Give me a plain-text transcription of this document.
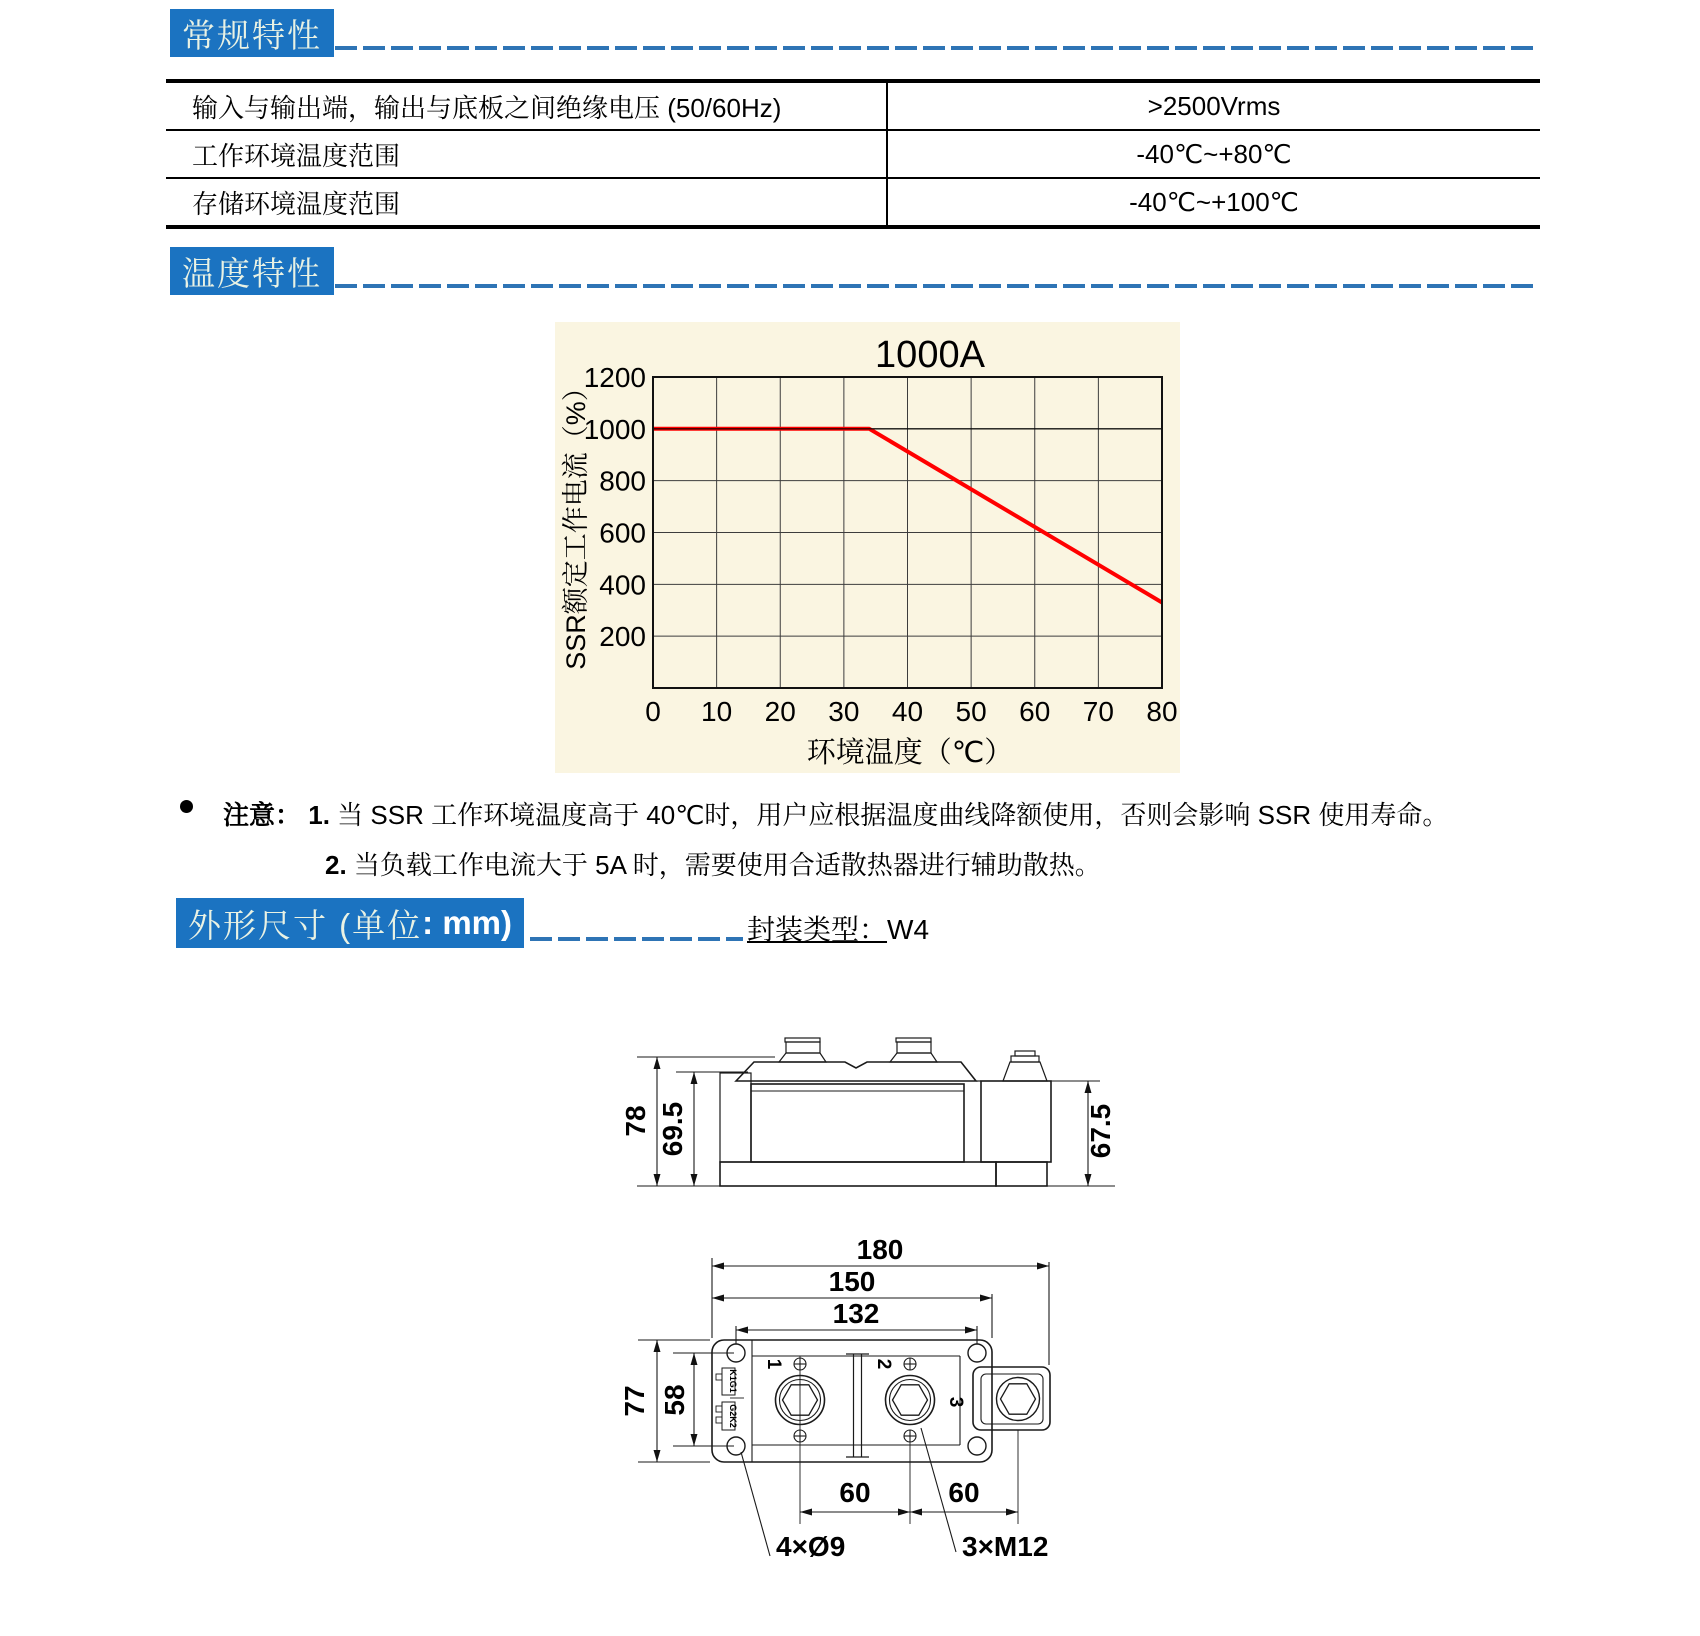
常规特性
输入与输出端，输出与底板之间绝缘电压 (50/60Hz)	>2500Vrms
工作环境温度范围	-40℃~+80℃
存储环境温度范围	-40℃~+100℃
温度特性
1000A
200
400
600
800
1000
1200
0 10 20 30 40 50 60 70 80
环境温度（℃）
SSR额定工作电流（%）
注意： 1. 当 SSR 工作环境温度高于 40℃时，用户应根据温度曲线降额使用，否则会影响 SSR 使用寿命。
2. 当负载工作电流大于 5A 时，需要使用合适散热器进行辅助散热。
外形尺寸 (单位 : mm)	封装类型：W4
78 69.5	67.5
132
150
180
77 58
60	60
1	2
3
K1G1
G2K2
4×Ø9	3×M12
